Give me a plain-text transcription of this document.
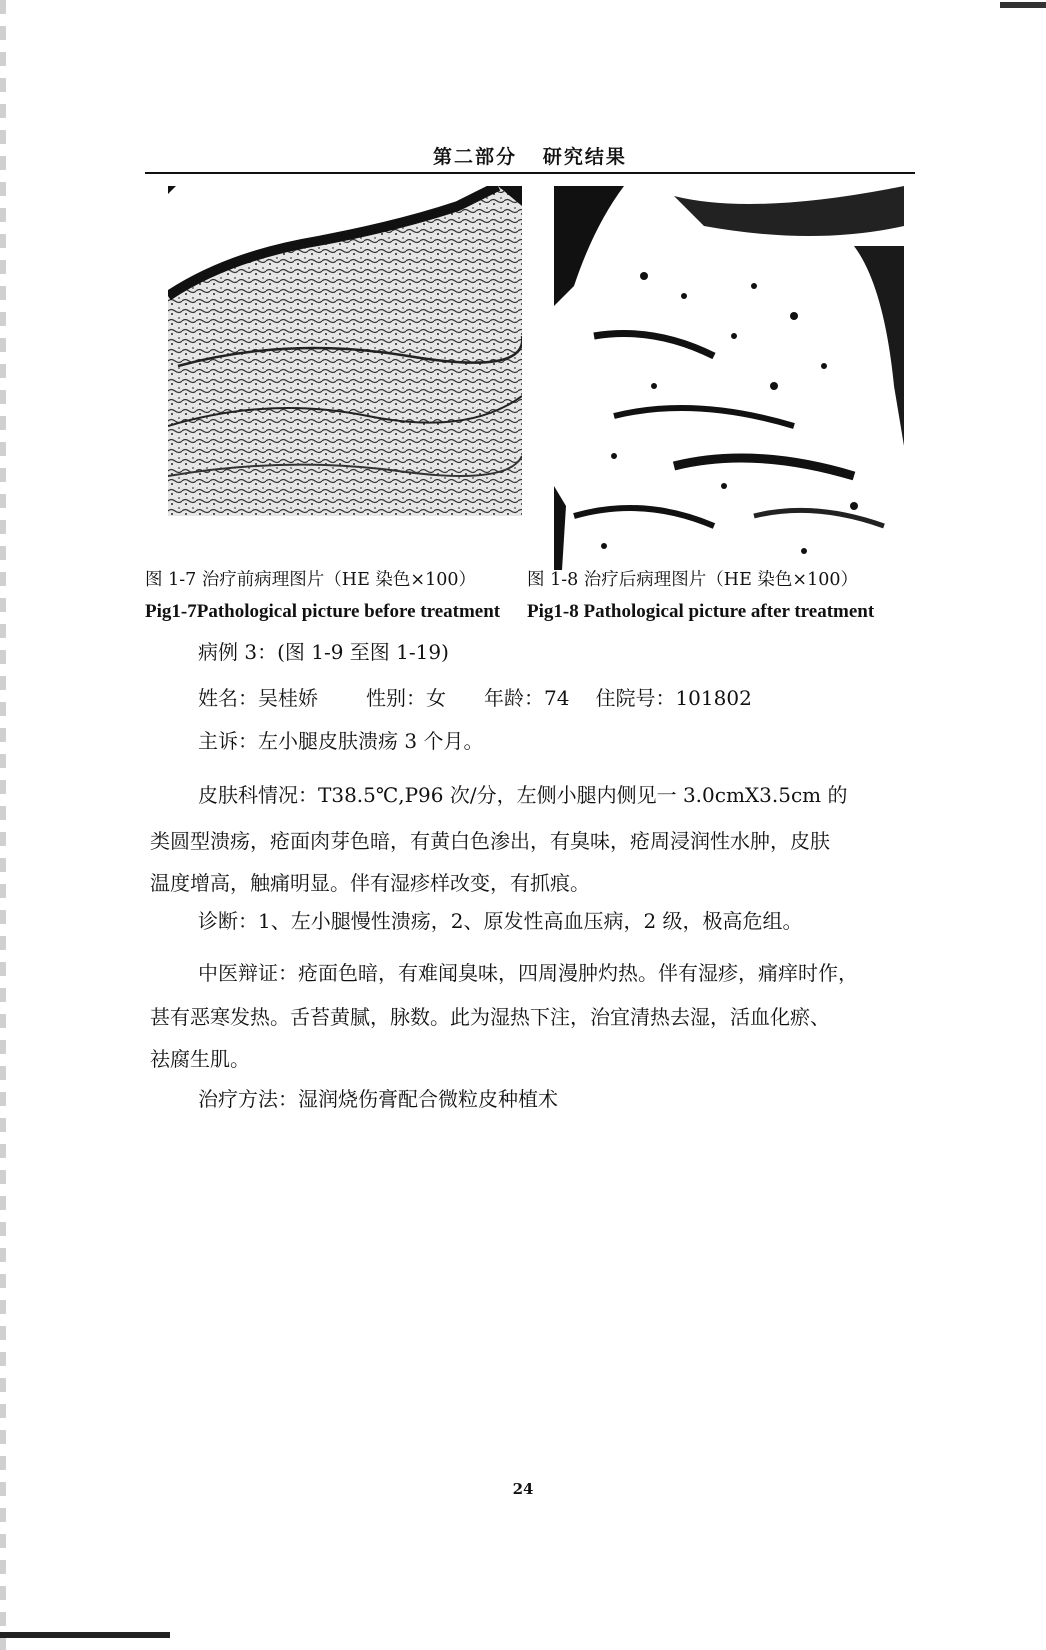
第二部分 研究结果
图 1-7 治疗前病理图片（HE 染色×100）	图 1-8 治疗后病理图片（HE 染色×100）
Pig1-7Pathological picture before treatment Pig1-8 Pathological picture after treatment
病例 3：(图 1-9 至图 1-19)
姓名：吴桂娇 性别：女 年龄：74 住院号：101802
主诉：左小腿皮肤溃疡 3 个月。
皮肤科情况：T38.5℃,P96 次/分，左侧小腿内侧见一 3.0cmX3.5cm 的
类圆型溃疡，疮面肉芽色暗，有黄白色渗出，有臭味，疮周浸润性水肿，皮肤
温度增高，触痛明显。伴有湿疹样改变，有抓痕。
诊断：1、左小腿慢性溃疡，2、原发性高血压病，2 级，极高危组。
中医辩证：疮面色暗，有难闻臭味，四周漫肿灼热。伴有湿疹，痛痒时作，
甚有恶寒发热。舌苔黄腻，脉数。此为湿热下注，治宜清热去湿，活血化瘀、
祛腐生肌。
治疗方法：湿润烧伤膏配合微粒皮种植术
24
